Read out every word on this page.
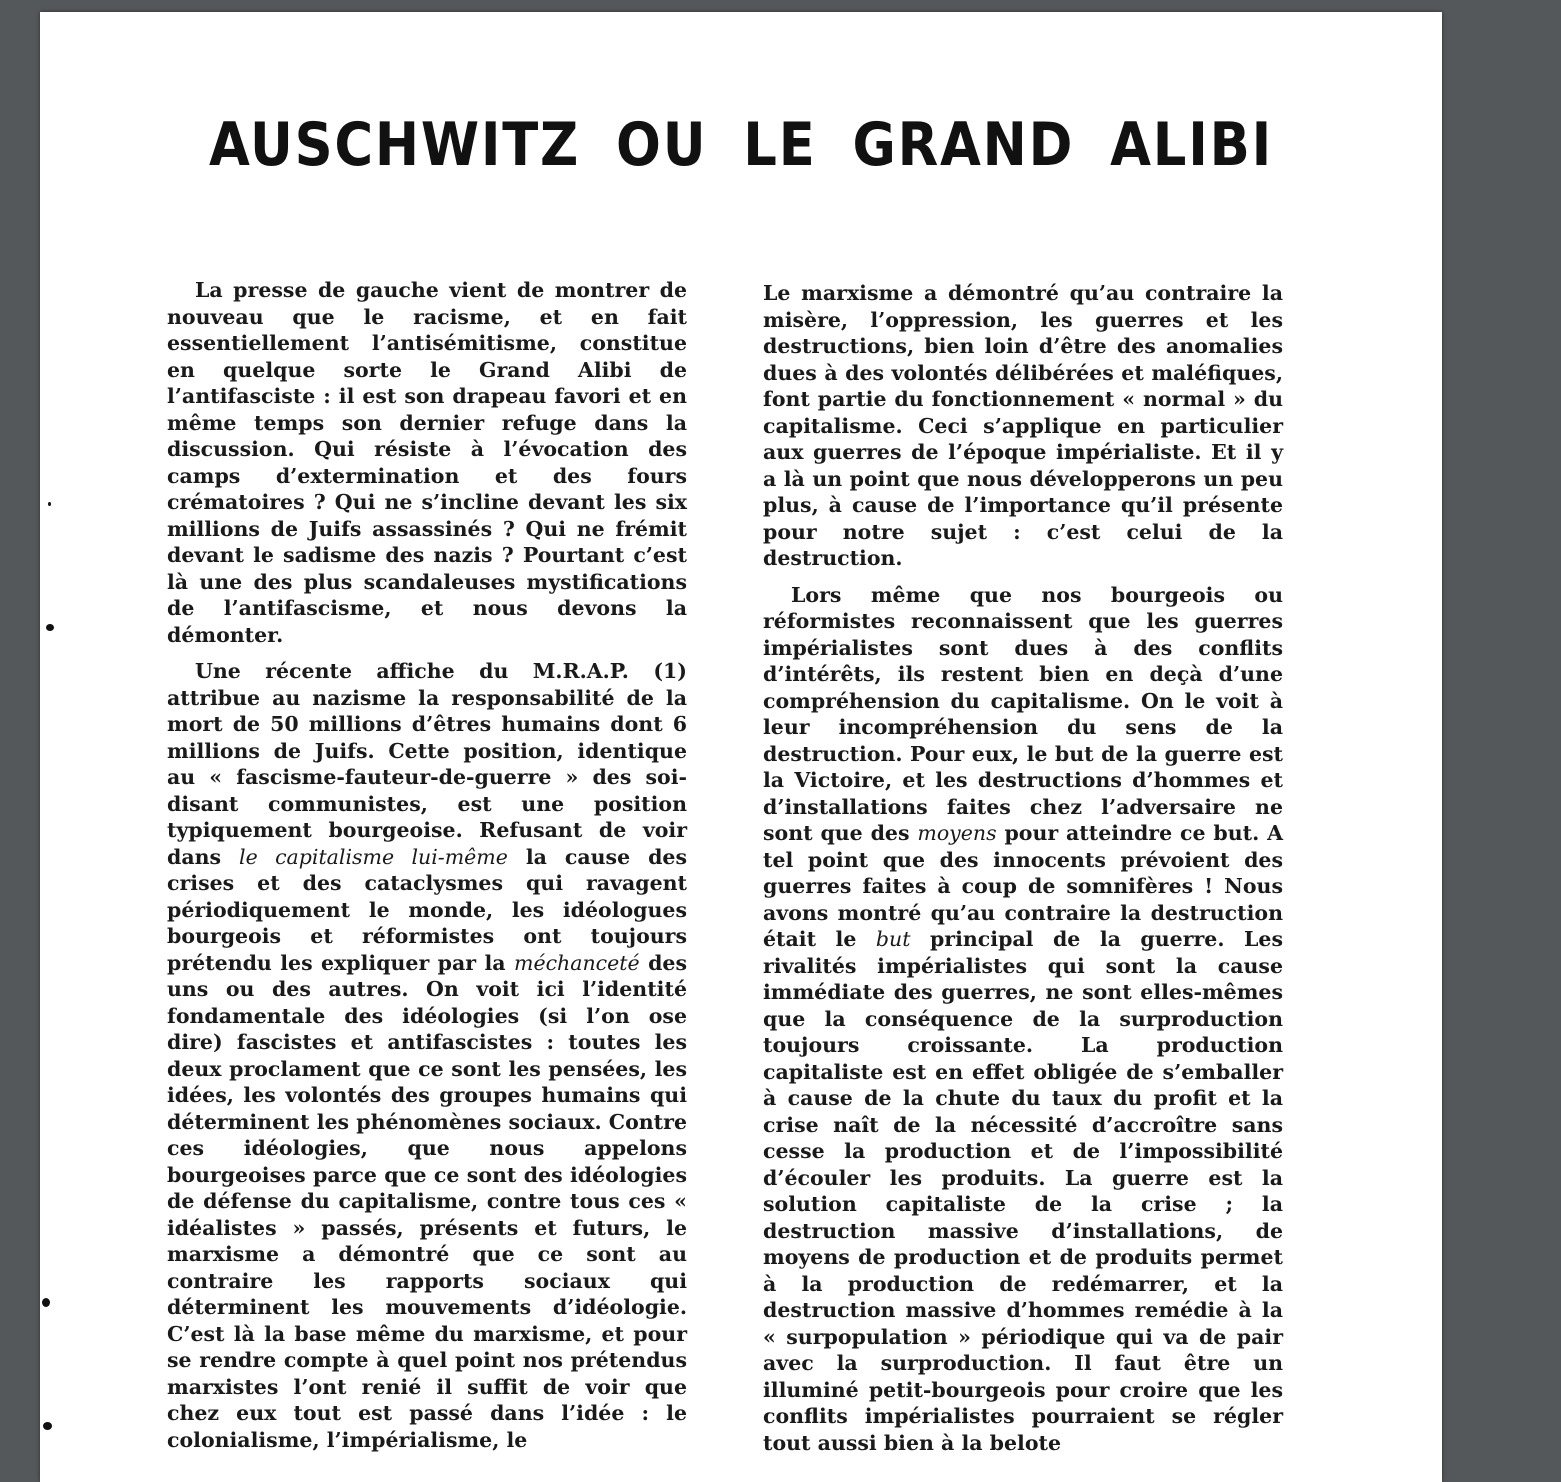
AUSCHWITZ OU LE GRAND ALIBI

La presse de gauche vient de montrer de nouveau que le racisme, et en fait essentiellement l’antisémitisme, constitue en quelque sorte le Grand Alibi de l’antifasciste : il est son drapeau favori et en même temps son dernier refuge dans la discussion. Qui résiste à l’évocation des camps d’extermination et des fours crématoires ? Qui ne s’incline devant les six millions de Juifs assassinés ? Qui ne frémit devant le sadisme des nazis ? Pourtant c’est là une des plus scandaleuses mystifications de l’antifascisme, et nous devons la démonter.

Une récente affiche du M.R.A.P. (1) attribue au nazisme la responsabilité de la mort de 50 millions d’êtres humains dont 6 millions de Juifs. Cette position, identique au « fascisme-fauteur-de-guerre » des soi-disant communistes, est une position typiquement bourgeoise. Refusant de voir dans le capitalisme lui-même la cause des crises et des cataclysmes qui ravagent périodiquement le monde, les idéologues bourgeois et réformistes ont toujours prétendu les expliquer par la méchanceté des uns ou des autres. On voit ici l’identité fondamentale des idéologies (si l’on ose dire) fascistes et antifascistes : toutes les deux proclament que ce sont les pensées, les idées, les volontés des groupes humains qui déterminent les phénomènes sociaux. Contre ces idéologies, que nous appelons bourgeoises parce que ce sont des idéologies de défense du capitalisme, contre tous ces « idéalistes » passés, présents et futurs, le marxisme a démontré que ce sont au contraire les rapports sociaux qui déterminent les mouvements d’idéologie. C’est là la base même du marxisme, et pour se rendre compte à quel point nos prétendus marxistes l’ont renié il suffit de voir que chez eux tout est passé dans l’idée : le colonialisme, l’impérialisme, le

Le marxisme a démontré qu’au contraire la misère, l’oppression, les guerres et les destructions, bien loin d’être des anomalies dues à des volontés délibérées et maléfiques, font partie du fonctionnement « normal » du capitalisme. Ceci s’applique en particulier aux guerres de l’époque impérialiste. Et il y a là un point que nous développerons un peu plus, à cause de l’importance qu’il présente pour notre sujet : c’est celui de la destruction.

Lors même que nos bourgeois ou réformistes reconnaissent que les guerres impérialistes sont dues à des conflits d’intérêts, ils restent bien en deçà d’une compréhension du capitalisme. On le voit à leur incompréhension du sens de la destruction. Pour eux, le but de la guerre est la Victoire, et les destructions d’hommes et d’installations faites chez l’adversaire ne sont que des moyens pour atteindre ce but. A tel point que des innocents prévoient des guerres faites à coup de somnifères ! Nous avons montré qu’au contraire la destruction était le but principal de la guerre. Les rivalités impérialistes qui sont la cause immédiate des guerres, ne sont elles-mêmes que la conséquence de la surproduction toujours croissante. La production capitaliste est en effet obligée de s’emballer à cause de la chute du taux du profit et la crise naît de la nécessité d’accroître sans cesse la production et de l’impossibilité d’écouler les produits. La guerre est la solution capitaliste de la crise ; la destruction massive d’installations, de moyens de production et de produits permet à la production de redémarrer, et la destruction massive d’hommes remédie à la « surpopulation » périodique qui va de pair avec la surproduction. Il faut être un illuminé petit-bourgeois pour croire que les conflits impérialistes pourraient se régler tout aussi bien à la belote
